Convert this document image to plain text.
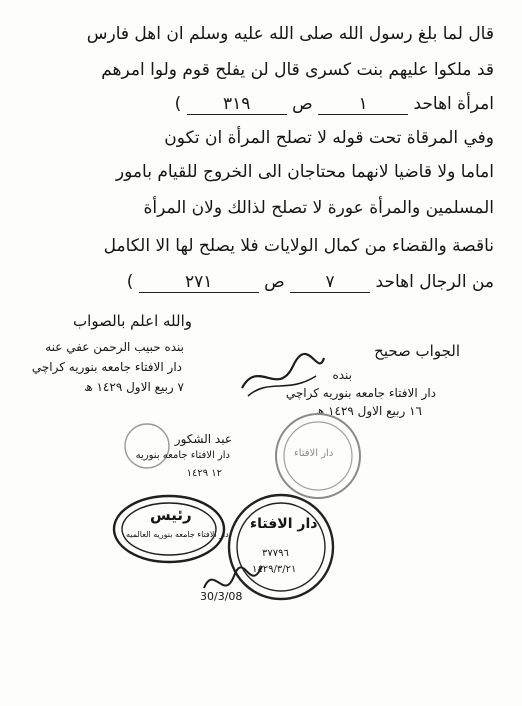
قال لما بلغ رسول الله صلى الله عليه وسلم ان اهل فارس
قد ملكوا عليهم بنت كسرى قال لن يفلح قوم ولوا امرهم
امرأة اهاحد ١ ص ٣١٩ )
وفي المرقاة تحت قوله لا تصلح المرأة ان تكون
اماما ولا قاضيا لانهما محتاجان الى الخروج للقيام بامور
المسلمين والمرأة عورة لا تصلح لذالك ولان المرأة
ناقصة والقضاء من كمال الولايات فلا يصلح لها الا الكامل
من الرجال اهاحد ٧ ص ٢٧١ )
والله اعلم بالصواب
بنده حبيب الرحمن عفي عنه
دار الافتاء جامعه بنوريه كراچي
٧ ربيع الاول ١٤٢٩ ھ
الجواب صحيح
بنده
دار الافتاء جامعه بنوريه كراچي
١٦ ربيع الاول ١٤٢٩ ھ
دار الافتاء
عبد الشكور
دار الافتاء جامعه بنوريه
١٢ ١٤٢٩
رئيس
دار الافتاء جامعه بنوريه العالميه
دار الافتاء
٣٧٧٩٦
١٤٢٩/٣/٢١
30/3/08
